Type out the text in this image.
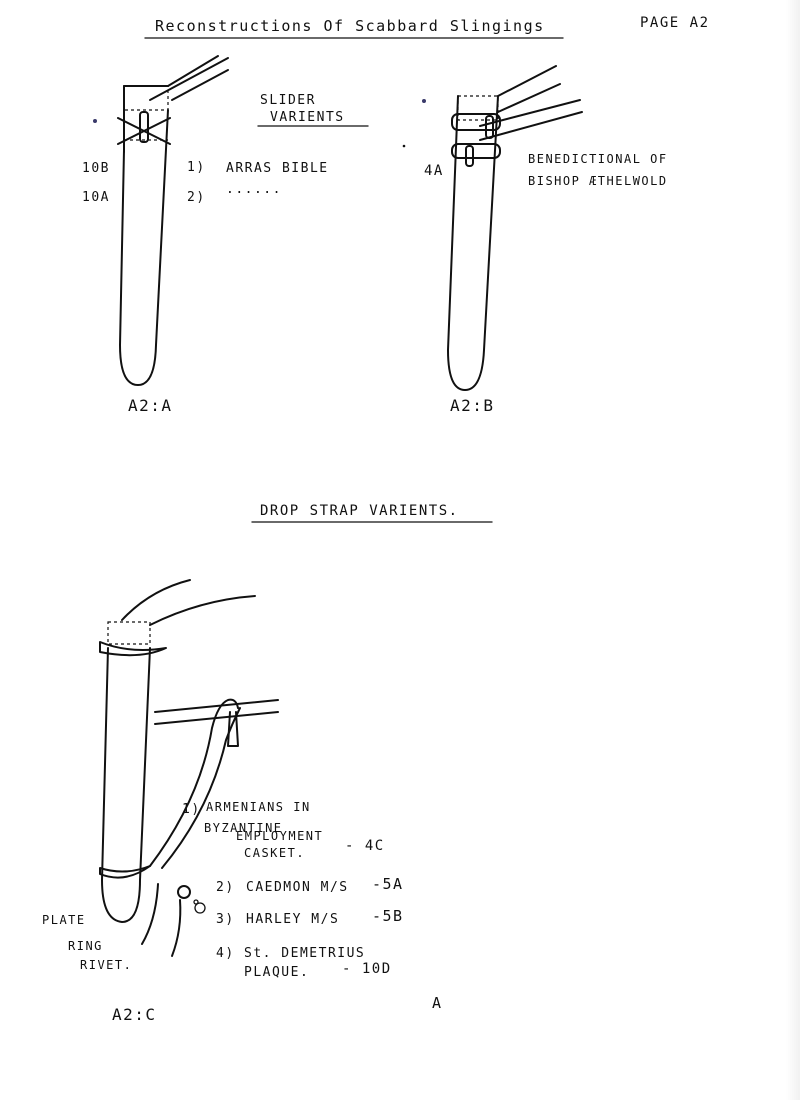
Reconstructions Of Scabbard Slingings	PAGE A2
SLIDER
VARIENTS
10B
10A
1) ARRAS BIBLE
2)
......
A2:A
4A
BENEDICTIONAL OF
BISHOP ÆTHELWOLD
A2:B
DROP STRAP VARIENTS.
PLATE
RING
RIVET.
1) ARMENIANS IN
BYZANTINE
EMPLOYMENT
CASKET.	- 4C
2) CAEDMON M/S -5A
3) HARLEY M/S -5B
4) St. DEMETRIUS
PLAQUE. - 10D
A2:C
A
